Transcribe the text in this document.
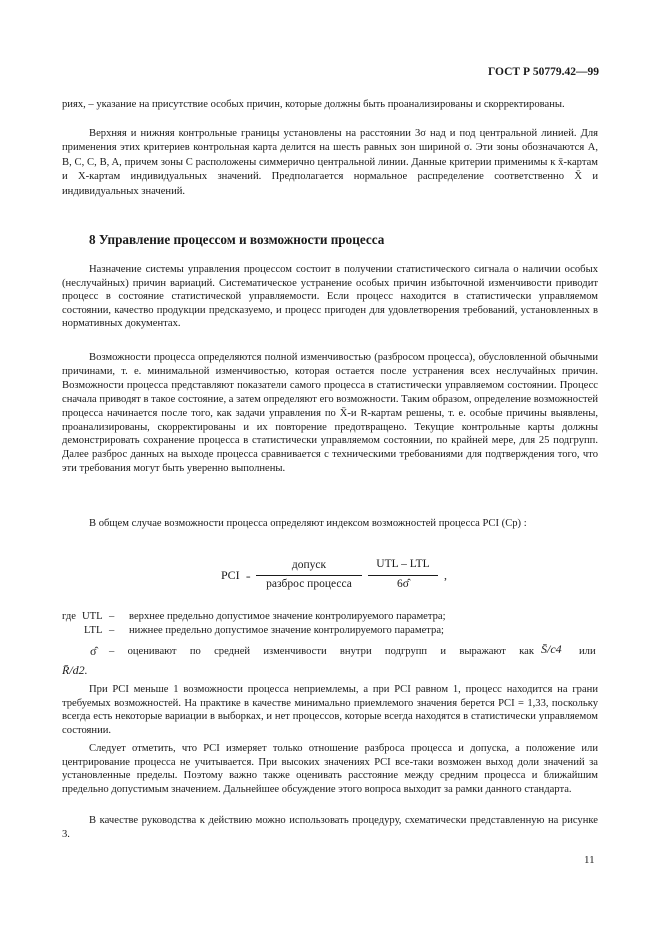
ГОСТ Р 50779.42—99

риях, – указание на присутствие особых причин, которые должны быть проанализированы и скорректированы.

Верхняя и нижняя контрольные границы установлены на расстоянии 3σ над и под центральной линией. Для применения этих критериев контрольная карта делится на шесть равных зон шириной σ. Эти зоны обозначаются A, B, C, C, B, A, причем зоны C расположены симмерично центральной линии. Данные критерии применимы к x̄-картам и X-картам индивидуальных значений. Предполагается нормальное распределение соответственно X̄ и индивидуальных значений.

8 Управление процессом и возможности процесса

Назначение системы управления процессом состоит в получении статистического сигнала о наличии особых (неслучайных) причин вариаций. Систематическое устранение особых причин избыточной изменчивости приводит процесс в состояние статистической управляемости. Если процесс находится в статистически управляемом состоянии, качество продукции предсказуемо, и процесс пригоден для удовлетворения требований, установленных в нормативных документах.

Возможности процесса определяются полной изменчивостью (разбросом процесса), обусловленной обычными причинами, т. е. минимальной изменчивостью, которая остается после устранения всех неслучайных причин. Возможности процесса представляют показатели самого процесса в статистически управляемом состоянии. Процесс сначала приводят в такое состояние, а затем определяют его возможности. Таким образом, определение возможностей процесса начинается после того, как задачи управления по X̄-и R-картам решены, т. е. особые причины выявлены, проанализированы, скорректированы и их повторение предотвращено. Текущие контрольные карты должны демонстрировать сохранение процесса в статистически управляемом состоянии, по крайней мере, для 25 подгрупп. Далее разброс данных на выходе процесса сравнивается с техническими требованиями для подтверждения того, что эти требования могут быть уверенно выполнены.

В общем случае возможности процесса определяют индексом возможностей процесса PCI (Cp) :

PCI =
допуск
разброс процесса
UTL – LTL
6σ̂
,
где UTL – верхнее предельно допустимое значение контролируемого параметра;
LTL – нижнее предельно допустимое значение контролируемого параметра;
σ̂ – оценивают по средней изменчивости внутри подгрупп и выражают как S̄/c4 или
R̄/d2.

При PCI меньше 1 возможности процесса неприемлемы, а при PCI равном 1, процесс находится на грани требуемых возможностей. На практике в качестве минимально приемлемого значения берется PCI = 1,33, поскольку всегда есть некоторые вариации в выборках, и нет процессов, которые всегда находятся в статистически управляемом состоянии.

Следует отметить, что PCI измеряет только отношение разброса процесса и допуска, а положение или центрирование процесса не учитывается. При высоких значениях PCI все-таки возможен выход доли значений за установленные пределы. Поэтому важно также оценивать расстояние между средним процесса и ближайшим предельно допустимым значением. Дальнейшее обсуждение этого вопроса выходит за рамки данного стандарта.

В качестве руководства к действию можно использовать процедуру, схематически представленную на рисунке 3.

11
